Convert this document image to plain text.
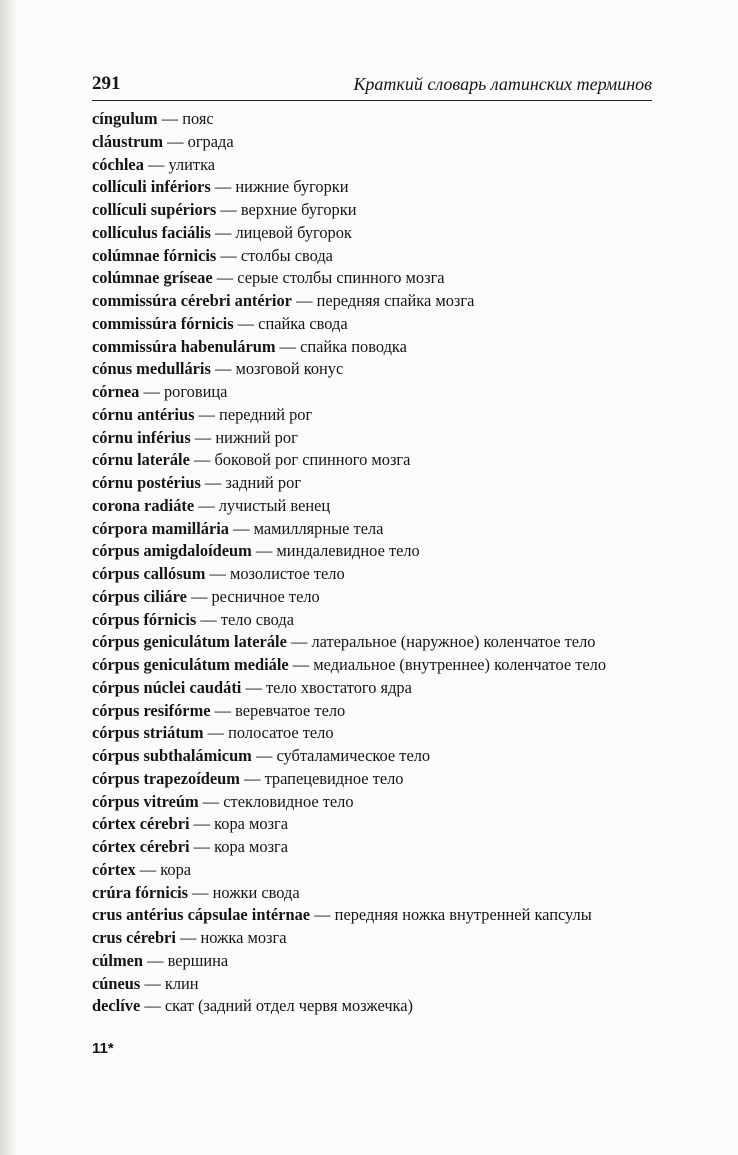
291	Краткий словарь латинских терминов
cíngulum — пояс
cláustrum — ограда
cóchlea — улитка
collículi inférіors — нижние бугорки
collículi supériors — верхние бугорки
collículus faciális — лицевой бугорок
colúmnae fórnicis — столбы свода
colúmnae gríseae — серые столбы спинного мозга
commissúra cérebri antérior — передняя спайка мозга
commissúra fórnicis — спайка свода
commissúra habenulárum — спайка поводка
cónus medulláris — мозговой конус
córnea — роговица
córnu antérius — передний рог
córnu inférius — нижний рог
córnu laterále — боковой рог спинного мозга
córnu postérius — задний рог
corona radiáte — лучистый венец
córpora mamillária — мамиллярные тела
córpus amigdaloídeum — миндалевидное тело
córpus callósum — мозолистое тело
córpus ciliáre — ресничное тело
córpus fórnicis — тело свода
córpus geniculátum laterále — латеральное (наружное) коленчатое тело
córpus geniculátum mediále — медиальное (внутреннее) коленчатое тело
córpus núclei caudáti — тело хвостатого ядра
córpus resifórme — веревчатое тело
córpus striátum — полосатое тело
córpus subthalámicum — субталамическое тело
córpus trapezoídeum — трапецевидное тело
córpus vitreúm — стекловидное тело
córtex cérebri — кора мозга
córtex cérebri — кора мозга
córtex — кора
crúra fórnicis — ножки свода
crus antérius cápsulae intérnae — передняя ножка внутренней капсулы
crus cérebri — ножка мозга
cúlmen — вершина
cúneus — клин
declíve — скат (задний отдел червя мозжечка)
11*
